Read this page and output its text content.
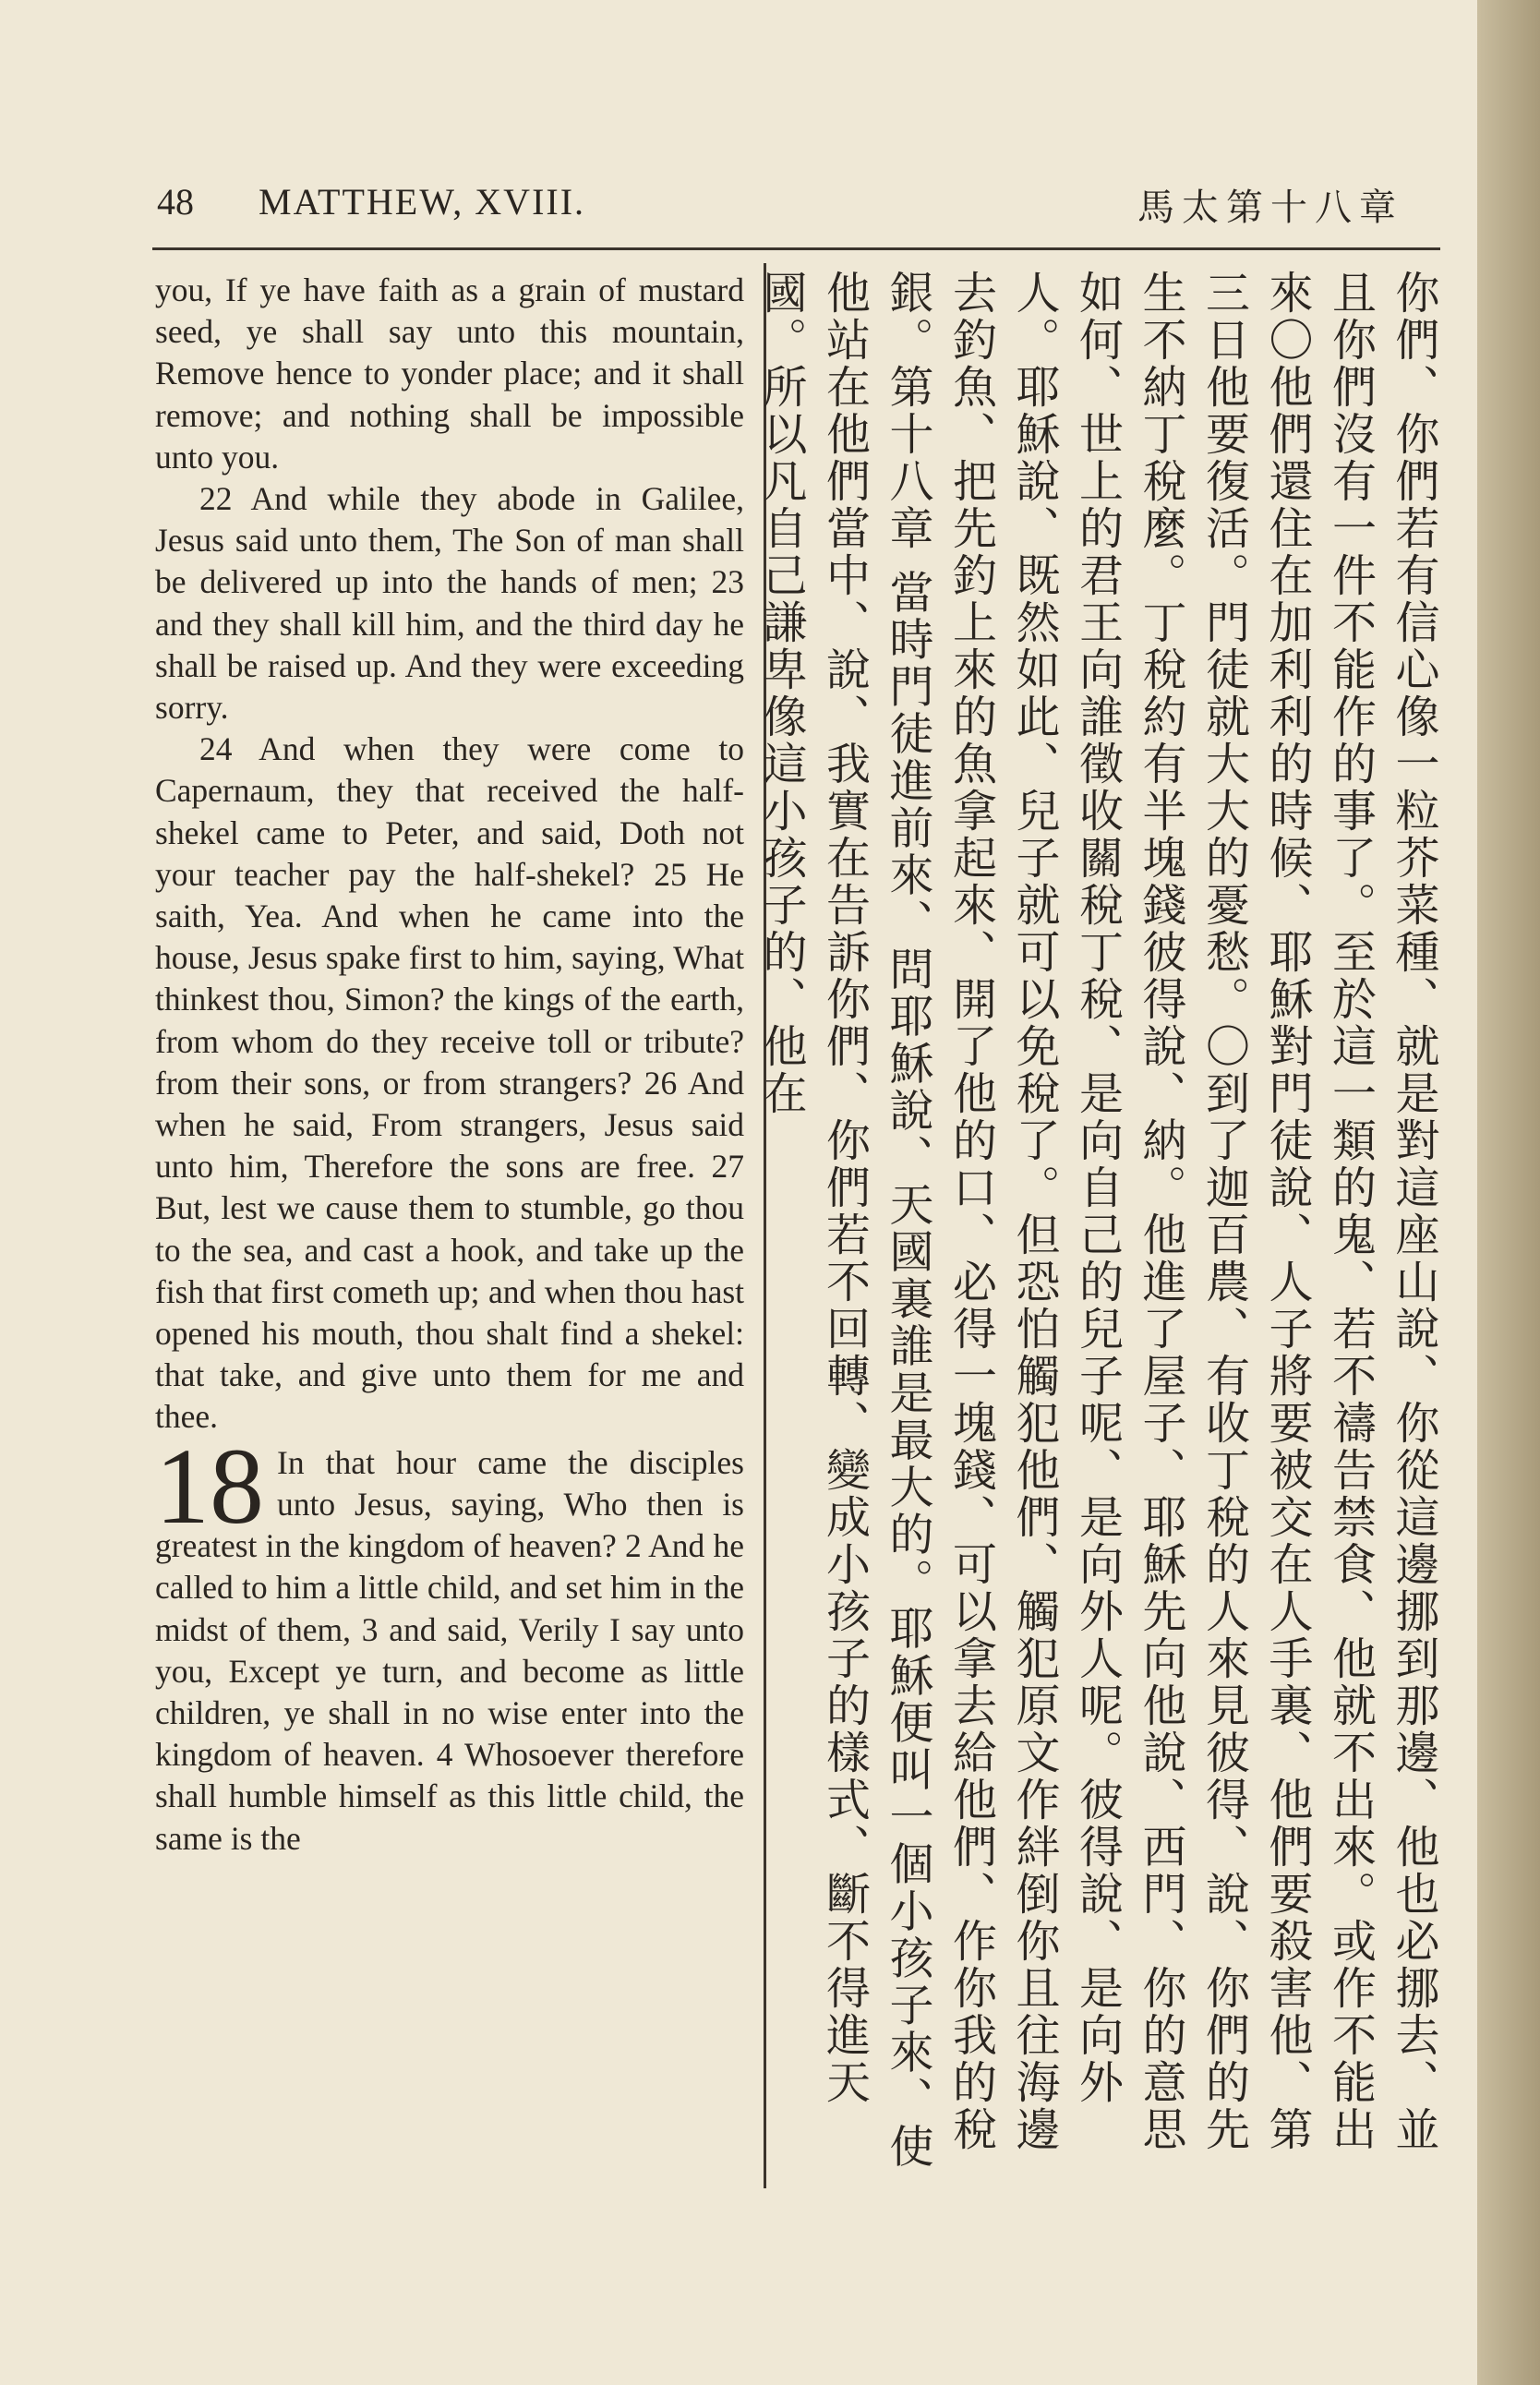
48 MATTHEW, XVIII.	馬太第十八章

you, If ye have faith as a grain of mustard seed, ye shall say unto this mountain, Remove hence to yonder place; and it shall remove; and nothing shall be impossible unto you.

22 And while they abode in Galilee, Jesus said unto them, The Son of man shall be delivered up into the hands of men; 23 and they shall kill him, and the third day he shall be raised up. And they were exceeding sorry.

24 And when they were come to Capernaum, they that received the half-shekel came to Peter, and said, Doth not your teacher pay the half-shekel? 25 He saith, Yea. And when he came into the house, Jesus spake first to him, saying, What thinkest thou, Simon? the kings of the earth, from whom do they receive toll or tribute? from their sons, or from strangers? 26 And when he said, From strangers, Jesus said unto him, Therefore the sons are free. 27 But, lest we cause them to stumble, go thou to the sea, and cast a hook, and take up the fish that first cometh up; and when thou hast opened his mouth, thou shalt find a shekel: that take, and give unto them for me and thee.

18 In that hour came the disciples unto Jesus, saying, Who then is greatest in the kingdom of heaven? 2 And he called to him a little child, and set him in the midst of them, 3 and said, Verily I say unto you, Except ye turn, and become as little children, ye shall in no wise enter into the kingdom of heaven. 4 Whosoever therefore shall humble himself as this little child, the same is the	你們、你們若有信心像一粒芥菜種、就是對這座山說、你從這邊挪到那邊、他也必挪去、並且你們沒有一件不能作的事了。至於這一類的鬼、若不禱告禁食、他就不出來。或作不能出來〇他們還住在加利利的時候、耶穌對門徒說、人子將要被交在人手裏、他們要殺害他、第三日他要復活。門徒就大大的憂愁。〇到了迦百農、有收丁稅的人來見彼得、說、你們的先生不納丁稅麼。丁稅約有半塊錢彼得說、納。他進了屋子、耶穌先向他說、西門、你的意思如何、世上的君王向誰徵收關稅丁稅、是向自己的兒子呢、是向外人呢。彼得說、是向外人。耶穌說、既然如此、兒子就可以免稅了。但恐怕觸犯他們、觸犯原文作絆倒你且往海邊去釣魚、把先釣上來的魚拿起來、開了他的口、必得一塊錢、可以拿去給他們、作你我的稅銀。第十八章 當時門徒進前來、問耶穌說、天國裏誰是最大的。耶穌便叫一個小孩子來、使他站在他們當中、說、我實在告訴你們、你們若不回轉、變成小孩子的樣式、斷不得進天國。所以凡自己謙卑像這小孩子的、他在
